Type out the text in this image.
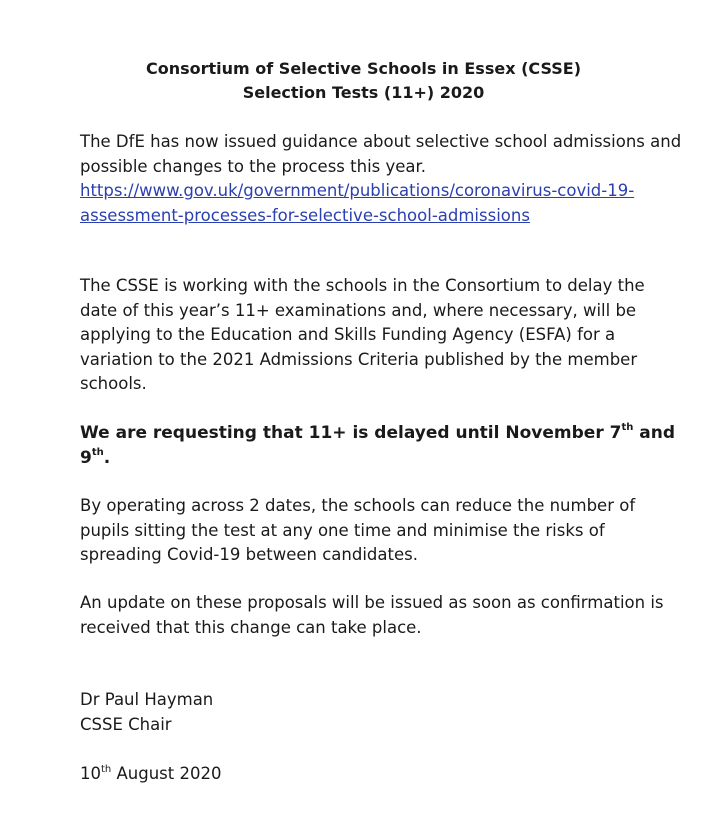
Consortium of Selective Schools in Essex (CSSE)
Selection Tests (11+) 2020
The DfE has now issued guidance about selective school admissions and
possible changes to the process this year.
https://www.gov.uk/government/publications/coronavirus-covid-19-
assessment-processes-for-selective-school-admissions
The CSSE is working with the schools in the Consortium to delay the
date of this year’s 11+ examinations and, where necessary, will be
applying to the Education and Skills Funding Agency (ESFA) for a
variation to the 2021 Admissions Criteria published by the member
schools.
We are requesting that 11+ is delayed until November 7th and
9th.
By operating across 2 dates, the schools can reduce the number of
pupils sitting the test at any one time and minimise the risks of
spreading Covid-19 between candidates.
An update on these proposals will be issued as soon as confirmation is
received that this change can take place.
Dr Paul Hayman
CSSE Chair
10th August 2020
